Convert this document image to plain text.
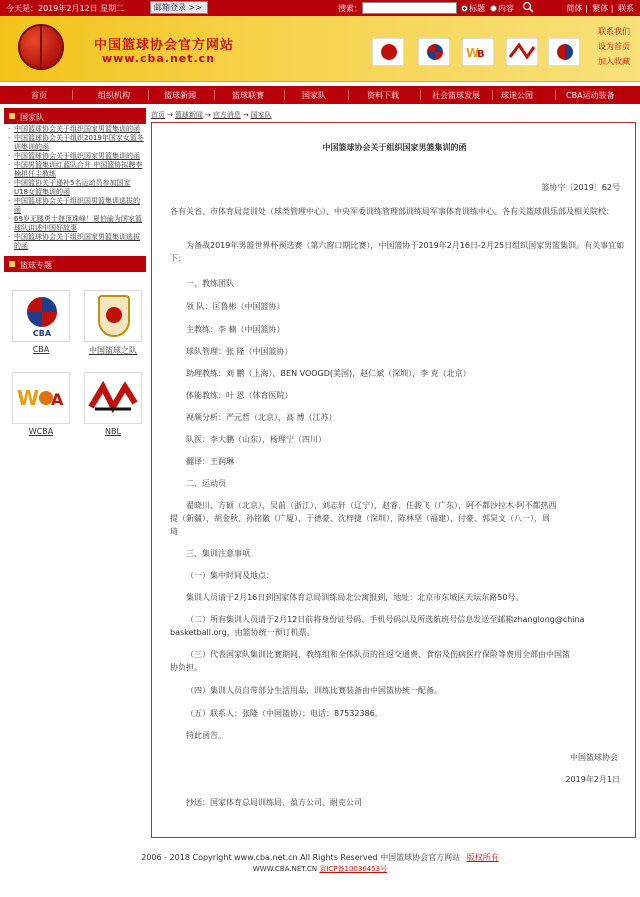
今天是：2019年2月12日 星期二	邮箱登录 >>	搜索：	标题	内容	简体 | 繁体 | 联系
中国篮球协会官方网站
www.cba.net.cn	W
B
联系我们
设为首页
加入收藏
首页	组织机构	篮球新闻	篮球联赛	国家队	资料下载	社会篮球发展	球迷公园	CBA运动装备
国家队
· 中国篮球协会关于组织国家男篮集训的函
· 中国篮球协会关于组织2019年国家女篮冬训集训的函
· 中国篮球协会关于组织国家男篮集训的函
· 中国男篮集训红蓝队合并 中国篮协拟聘李楠担任主教练
· 中国篮协关于递补5名运动员参加国家U18女篮集训的函
· 中国篮球协会关于组织国男篮集训选拔的函
· 69岁无腿勇士登顶珠峰！夏伯渝为国家篮球队讲述中国好故事
· 中国篮球协会关于组织国家男篮集训选拔的函
篮球专题
CBA
CBA	中国篮球之队
W A
WCBA	NBL
首页 → 篮球新闻 → 官方消息 → 国家队
中国篮球协会关于组织国家男篮集训的函

篮协字〔2019〕62号

各有关省、市体育局竞训处（球类管理中心）、中央军委训练管理部训练局军事体育训练中心、各有关篮球俱乐部及相关院校：

为备战2019年男篮世界杯预选赛（第六窗口期比赛），中国篮协于2019年2月16日-2月25日组织国家男篮集训。有关事宜如下：

一、教练团队

领 队：匡鲁彬（中国篮协）

主教练：李 楠（中国篮协）

球队管理：张 隆（中国篮协）

助理教练：刘 鹏（上海），BEN VOOGD(美国)，赵仁斌（深圳），李 克（北京）

体能教练：叶 恩（体育医院）

视频分析：严元哲（北京），高 博（江苏）

队医：李大鹏（山东），杨理宁（四川）

翻译：王润琳

二、运动员

翟晓川、方硕（北京），吴前（浙江），刘志轩（辽宁），赵睿、任骏飞（广东），阿不都沙拉木·阿不都热西

提（新疆），胡金秋、孙铭徽（广厦），于德豪、沈梓捷（深圳），陈林坚（福建），付豪、郭昊文（八一），周

琦

三、集训注意事项

（一）集中时间及地点：

集训人员请于2月16日到国家体育总局训练局北公寓报到，地址：北京市东城区天坛东路50号。

（二）所有集训人员请于2月12日前将身份证号码、手机号码以及所选航班号信息发送至邮箱zhanglong@china

basketball.org，由篮协统一预订机票。

（三）代表国家队集训比赛期间，教练组和全体队员的往返交通费、食宿及伤病医疗保险等费用全部由中国篮

协负担。

（四）集训人员自带部分生活用品，训练比赛装备由中国篮协统一配备。

（五）联系人：张隆（中国篮协）；电话：87532386。

特此函告。

中国篮球协会

2019年2月1日

抄送：国家体育总局训练局、盈方公司、耐克公司

2006 - 2018 Copyright www.cba.net.cn All Rights Reserved 中国篮球协会官方网站 版权所有
WWW.CBA.NET.CN 京ICP备10036453号
